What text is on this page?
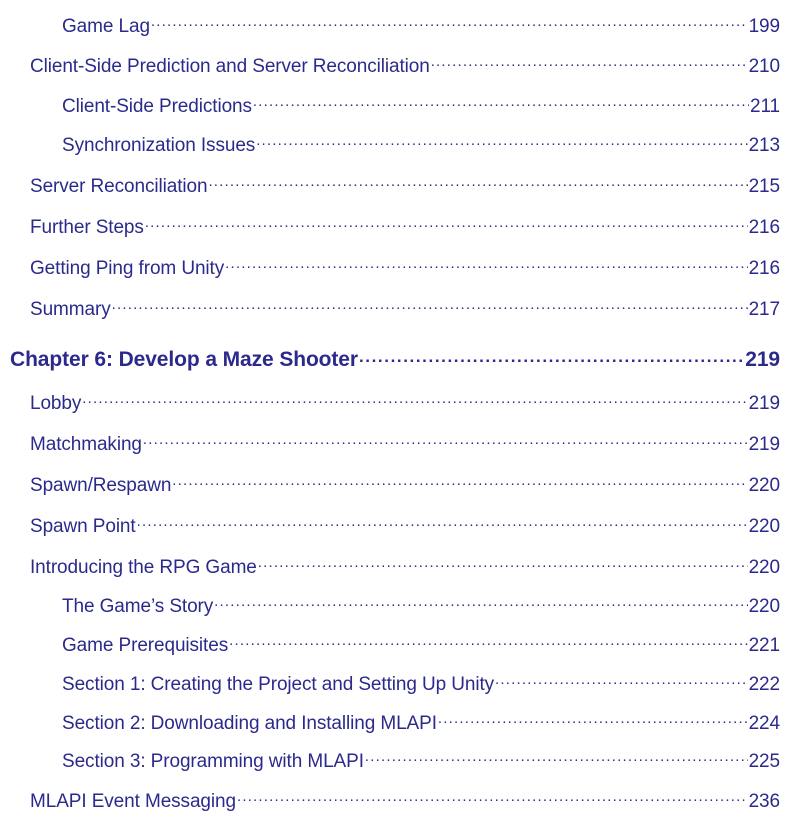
Game Lag .....	199
Client-Side Prediction and Server Reconciliation .....	210
Client-Side Predictions .....	211
Synchronization Issues .....	213
Server Reconciliation .....	215
Further Steps .....	216
Getting Ping from Unity .....	216
Summary .....	217
Chapter 6: Develop a Maze Shooter .....	219
Lobby .....	219
Matchmaking .....	219
Spawn/Respawn .....	220
Spawn Point .....	220
Introducing the RPG Game .....	220
The Game’s Story .....	220
Game Prerequisites .....	221
Section 1: Creating the Project and Setting Up Unity .....	222
Section 2: Downloading and Installing MLAPI .....	224
Section 3: Programming with MLAPI .....	225
MLAPI Event Messaging .....	236
